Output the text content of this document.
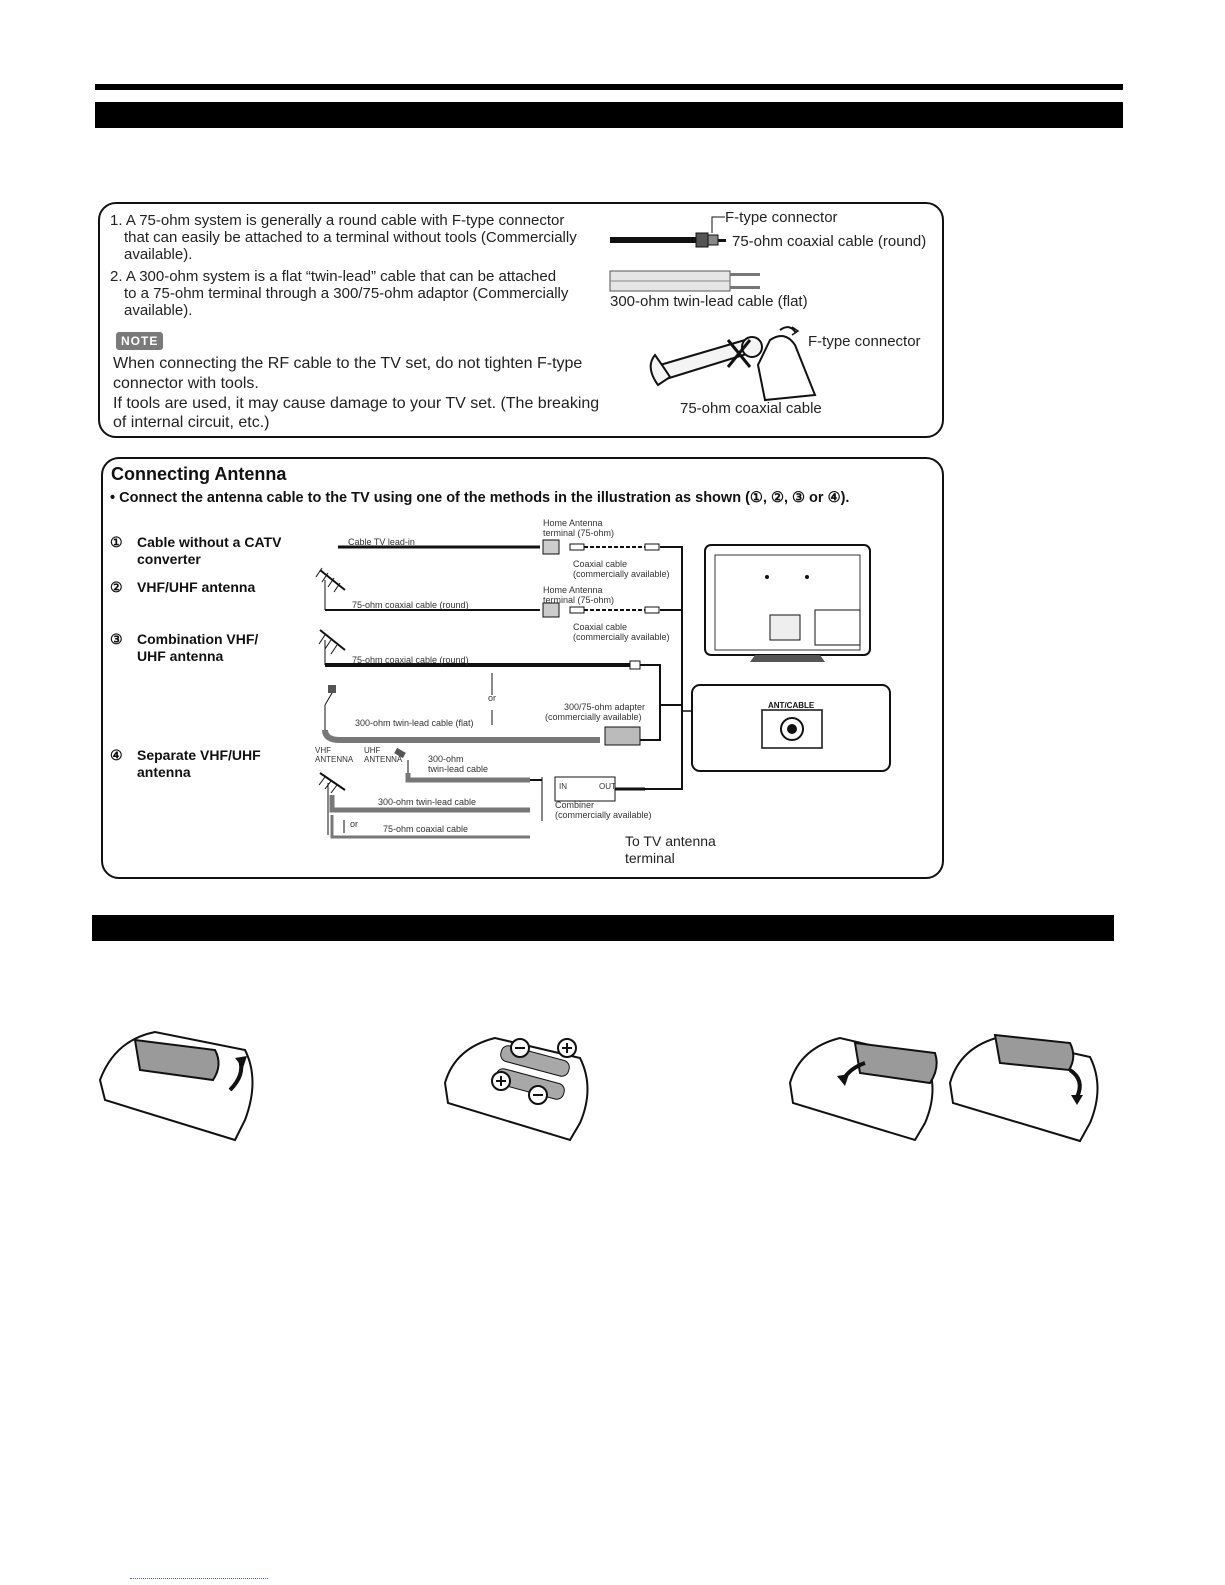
1. A 75-ohm system is generally a round cable with F-type connector
that can easily be attached to a terminal without tools (Commercially
available).
2. A 300-ohm system is a flat “twin-lead” cable that can be attached
to a 75-ohm terminal through a 300/75-ohm adaptor (Commercially
available).
NOTE
When connecting the RF cable to the TV set, do not tighten F-type
connector with tools.
If tools are used, it may cause damage to your TV set. (The breaking
of internal circuit, etc.)
F-type connector
75-ohm coaxial cable (round)
300-ohm twin-lead cable (flat)
F-type connector
75-ohm coaxial cable
Connecting Antenna
• Connect the antenna cable to the TV using one of the methods in the illustration as shown (①, ②, ③ or ④).
① Cable without a CATV
converter
② VHF/UHF antenna
③ Combination VHF/
UHF antenna
④ Separate VHF/UHF
antenna
Cable TV lead-in
Home Antenna
terminal (75-ohm)
Coaxial cable
(commercially available)
75-ohm coaxial cable (round)
Home Antenna
terminal (75-ohm)
Coaxial cable
(commercially available)
75-ohm coaxial cable (round)
or
300-ohm twin-lead cable (flat)
300/75-ohm adapter
(commercially available)
VHF
ANTENNA
UHF
ANTENNA	300-ohm
twin-lead cable
300-ohm twin-lead cable
or	75-ohm coaxial cable
IN	OUT
Combiner
(commercially available)
ANT/CABLE
To TV antenna
terminal
